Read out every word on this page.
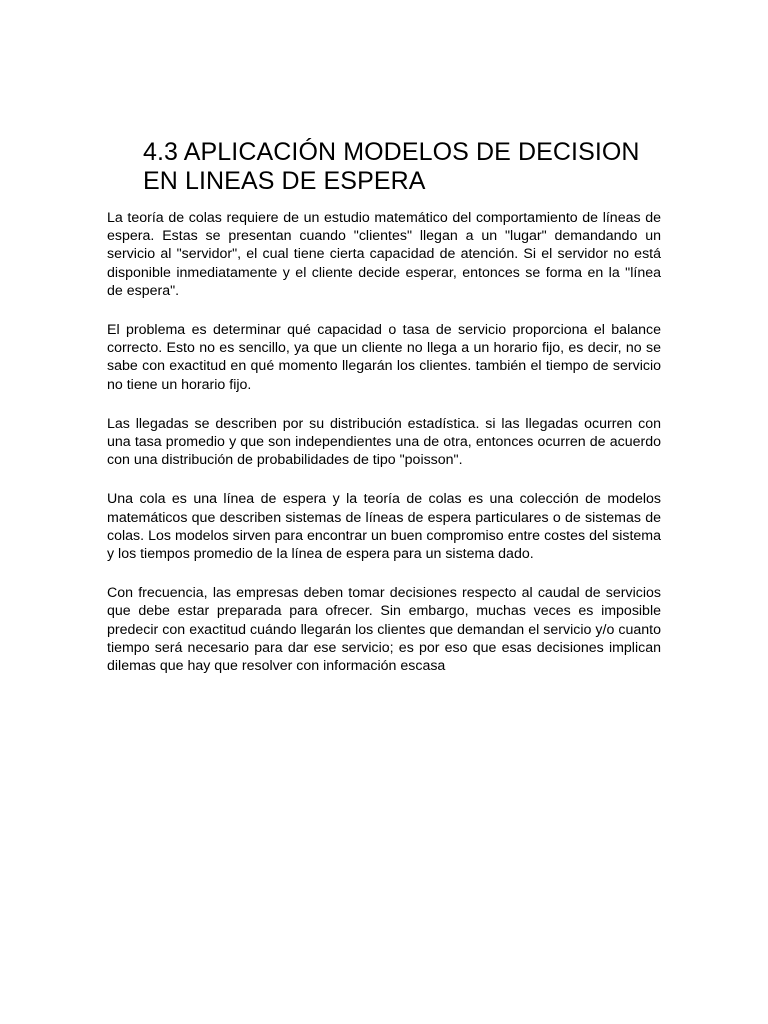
4.3 APLICACIÓN MODELOS DE DECISION
EN LINEAS DE ESPERA

La teoría de colas requiere de un estudio matemático del comportamiento de líneas de espera. Estas se presentan cuando "clientes" llegan a un "lugar" demandando un servicio al "servidor", el cual tiene cierta capacidad de atención. Si el servidor no está disponible inmediatamente y el cliente decide esperar, entonces se forma en la "línea de espera".

El problema es determinar qué capacidad o tasa de servicio proporciona el balance correcto. Esto no es sencillo, ya que un cliente no llega a un horario fijo, es decir, no se sabe con exactitud en qué momento llegarán los clientes. también el tiempo de servicio no tiene un horario fijo.

Las llegadas se describen por su distribución estadística. si las llegadas ocurren con una tasa promedio y que son independientes una de otra, entonces ocurren de acuerdo con una distribución de probabilidades de tipo "poisson".

Una cola es una línea de espera y la teoría de colas es una colección de modelos matemáticos que describen sistemas de líneas de espera particulares o de sistemas de colas. Los modelos sirven para encontrar un buen compromiso entre costes del sistema y los tiempos promedio de la línea de espera para un sistema dado.

Con frecuencia, las empresas deben tomar decisiones respecto al caudal de servicios que debe estar preparada para ofrecer. Sin embargo, muchas veces es imposible predecir con exactitud cuándo llegarán los clientes que demandan el servicio y/o cuanto tiempo será necesario para dar ese servicio; es por eso que esas decisiones implican dilemas que hay que resolver con información escasa
